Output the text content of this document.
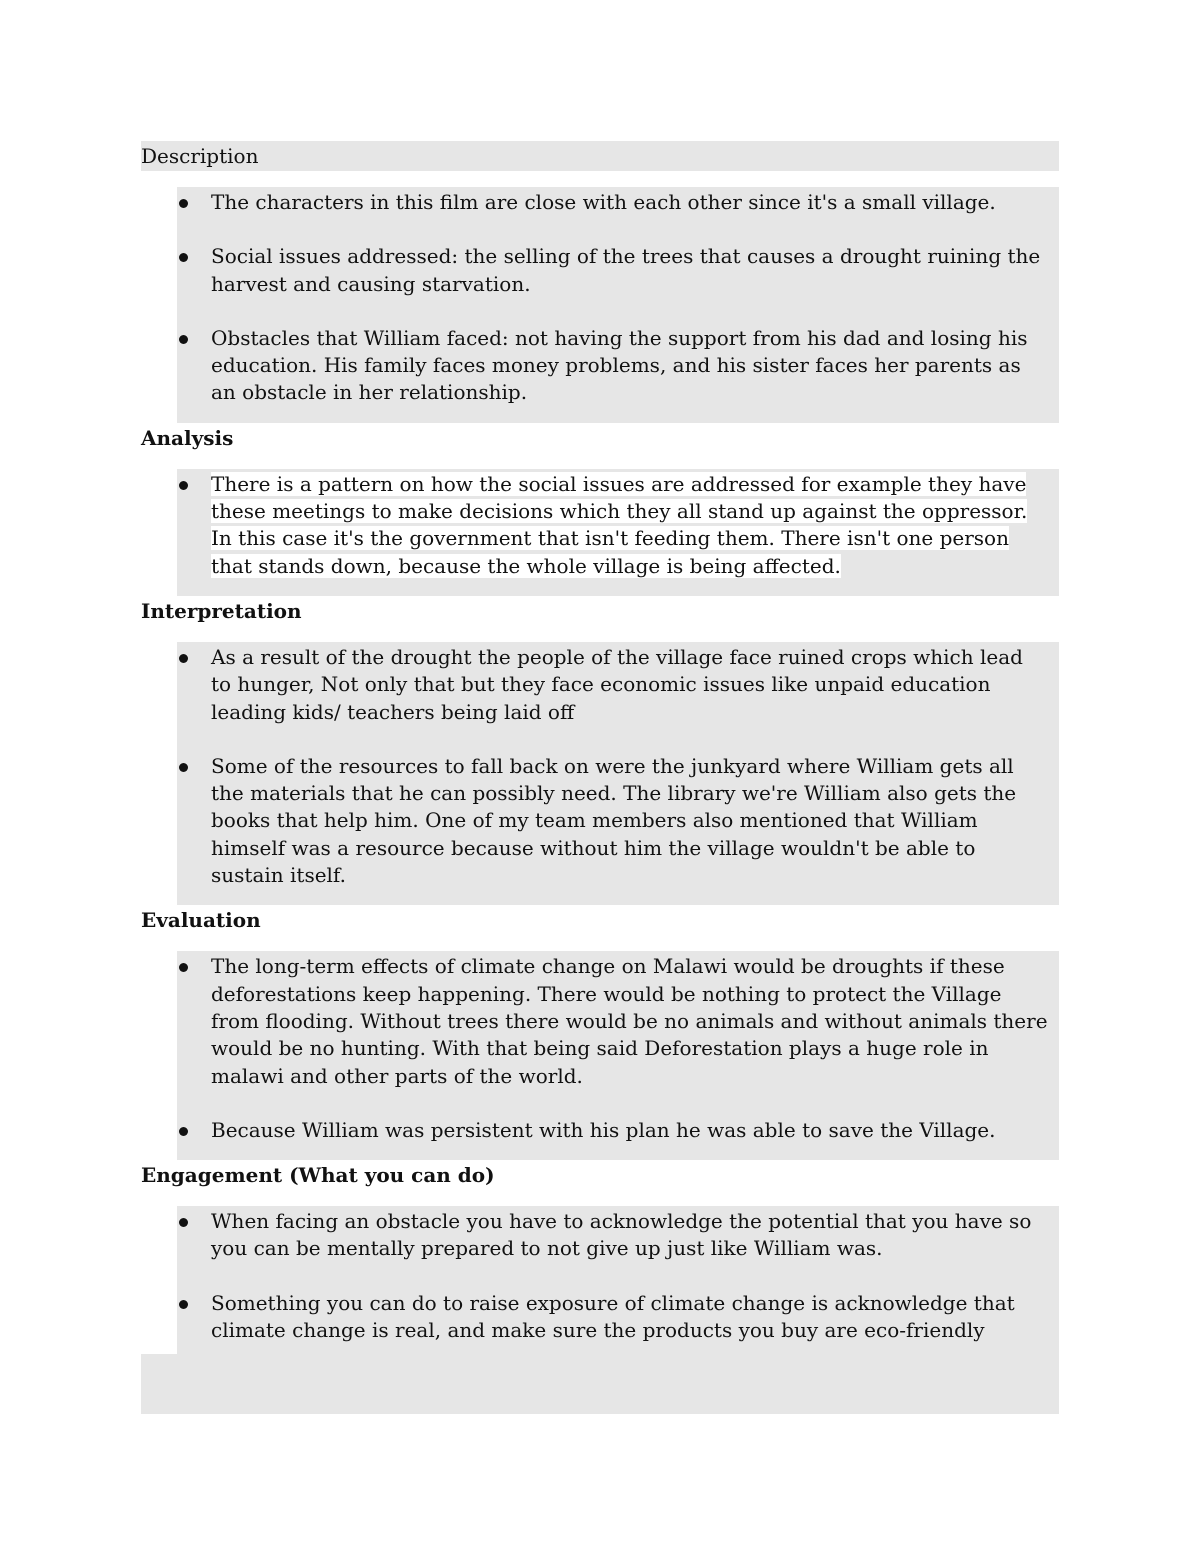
Description
The characters in this film are close with each other since it's a small village.
Social issues addressed: the selling of the trees that causes a drought ruining the harvest and causing starvation.
Obstacles that William faced: not having the support from his dad and losing his education. His family faces money problems, and his sister faces her parents as an obstacle in her relationship.
Analysis
There is a pattern on how the social issues are addressed for example they have these meetings to make decisions which they all stand up against the oppressor. In this case it's the government that isn't feeding them. There isn't one person that stands down, because the whole village is being affected.
Interpretation
As a result of the drought the people of the village face ruined crops which lead to hunger, Not only that but they face economic issues like unpaid education leading kids/ teachers being laid off
Some of the resources to fall back on were the junkyard where William gets all the materials that he can possibly need. The library we're William also gets the books that help him. One of my team members also mentioned that William himself was a resource because without him the village wouldn't be able to sustain itself.
Evaluation
The long-term effects of climate change on Malawi would be droughts if these deforestations keep happening. There would be nothing to protect the Village from flooding. Without trees there would be no animals and without animals there would be no hunting. With that being said Deforestation plays a huge role in malawi and other parts of the world.
Because William was persistent with his plan he was able to save the Village.
Engagement (What you can do)
When facing an obstacle you have to acknowledge the potential that you have so you can be mentally prepared to not give up just like William was.
Something you can do to raise exposure of climate change is acknowledge that climate change is real, and make sure the products you buy are eco-friendly
